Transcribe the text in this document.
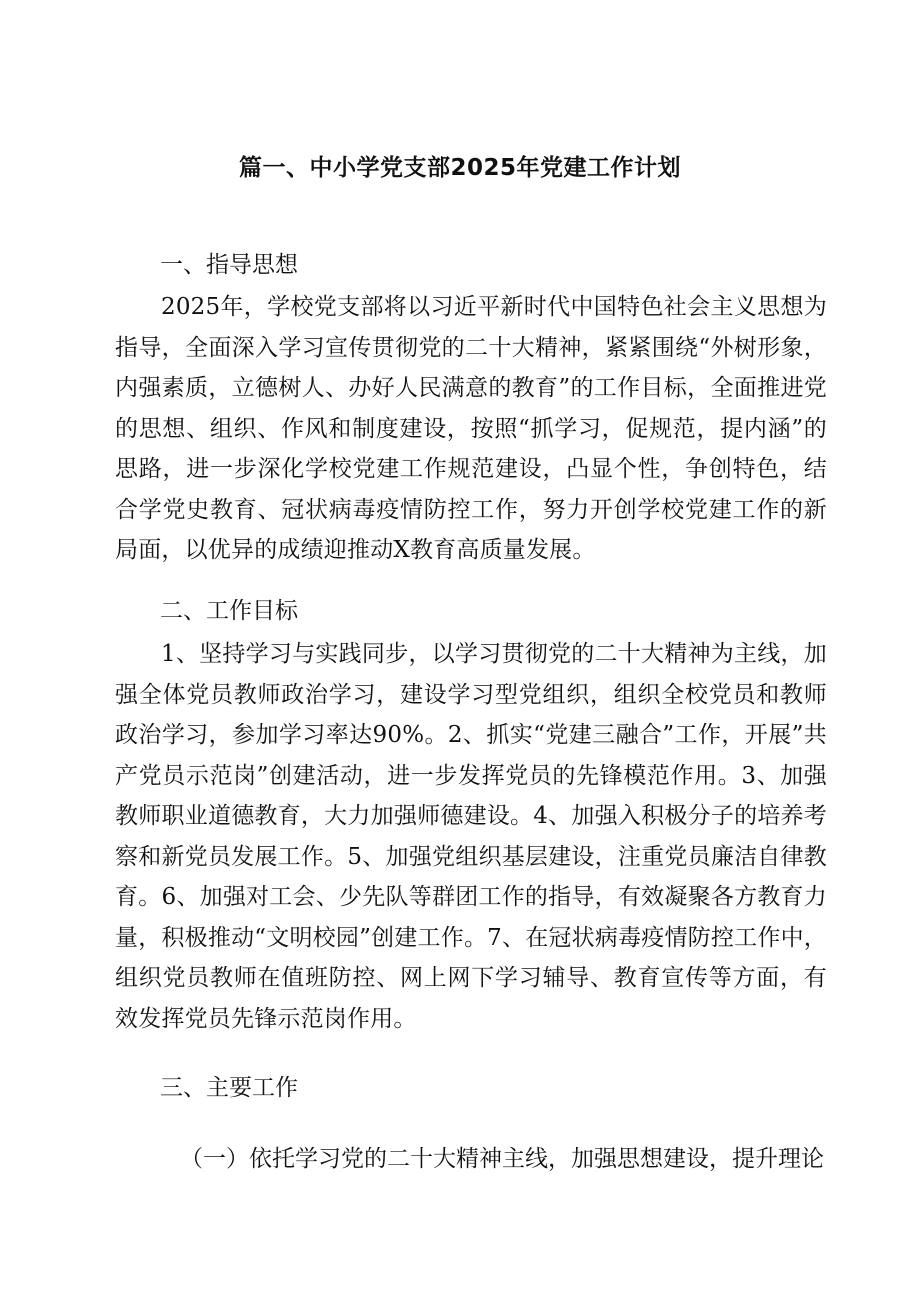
篇一、中小学党支部2025年党建工作计划
一、指导思想
2025年，学校党支部将以习近平新时代中国特色社会主义思想为指导，全面深入学习宣传贯彻党的二十大精神，紧紧围绕“外树形象，内强素质，立德树人、办好人民满意的教育”的工作目标，全面推进党的思想、组织、作风和制度建设，按照“抓学习，促规范，提内涵”的思路，进一步深化学校党建工作规范建设，凸显个性，争创特色，结合学党史教育、冠状病毒疫情防控工作，努力开创学校党建工作的新局面，以优异的成绩迎推动X教育高质量发展。
二、工作目标
1、坚持学习与实践同步，以学习贯彻党的二十大精神为主线，加强全体党员教师政治学习，建设学习型党组织，组织全校党员和教师政治学习，参加学习率达90%。2、抓实“党建三融合”工作，开展”共产党员示范岗”创建活动，进一步发挥党员的先锋模范作用。3、加强教师职业道德教育，大力加强师德建设。4、加强入积极分子的培养考察和新党员发展工作。5、加强党组织基层建设，注重党员廉洁自律教育。6、加强对工会、少先队等群团工作的指导，有效凝聚各方教育力量，积极推动“文明校园”创建工作。7、在冠状病毒疫情防控工作中，组织党员教师在值班防控、网上网下学习辅导、教育宣传等方面，有效发挥党员先锋示范岗作用。
三、主要工作
（一）依托学习党的二十大精神主线，加强思想建设，提升理论
